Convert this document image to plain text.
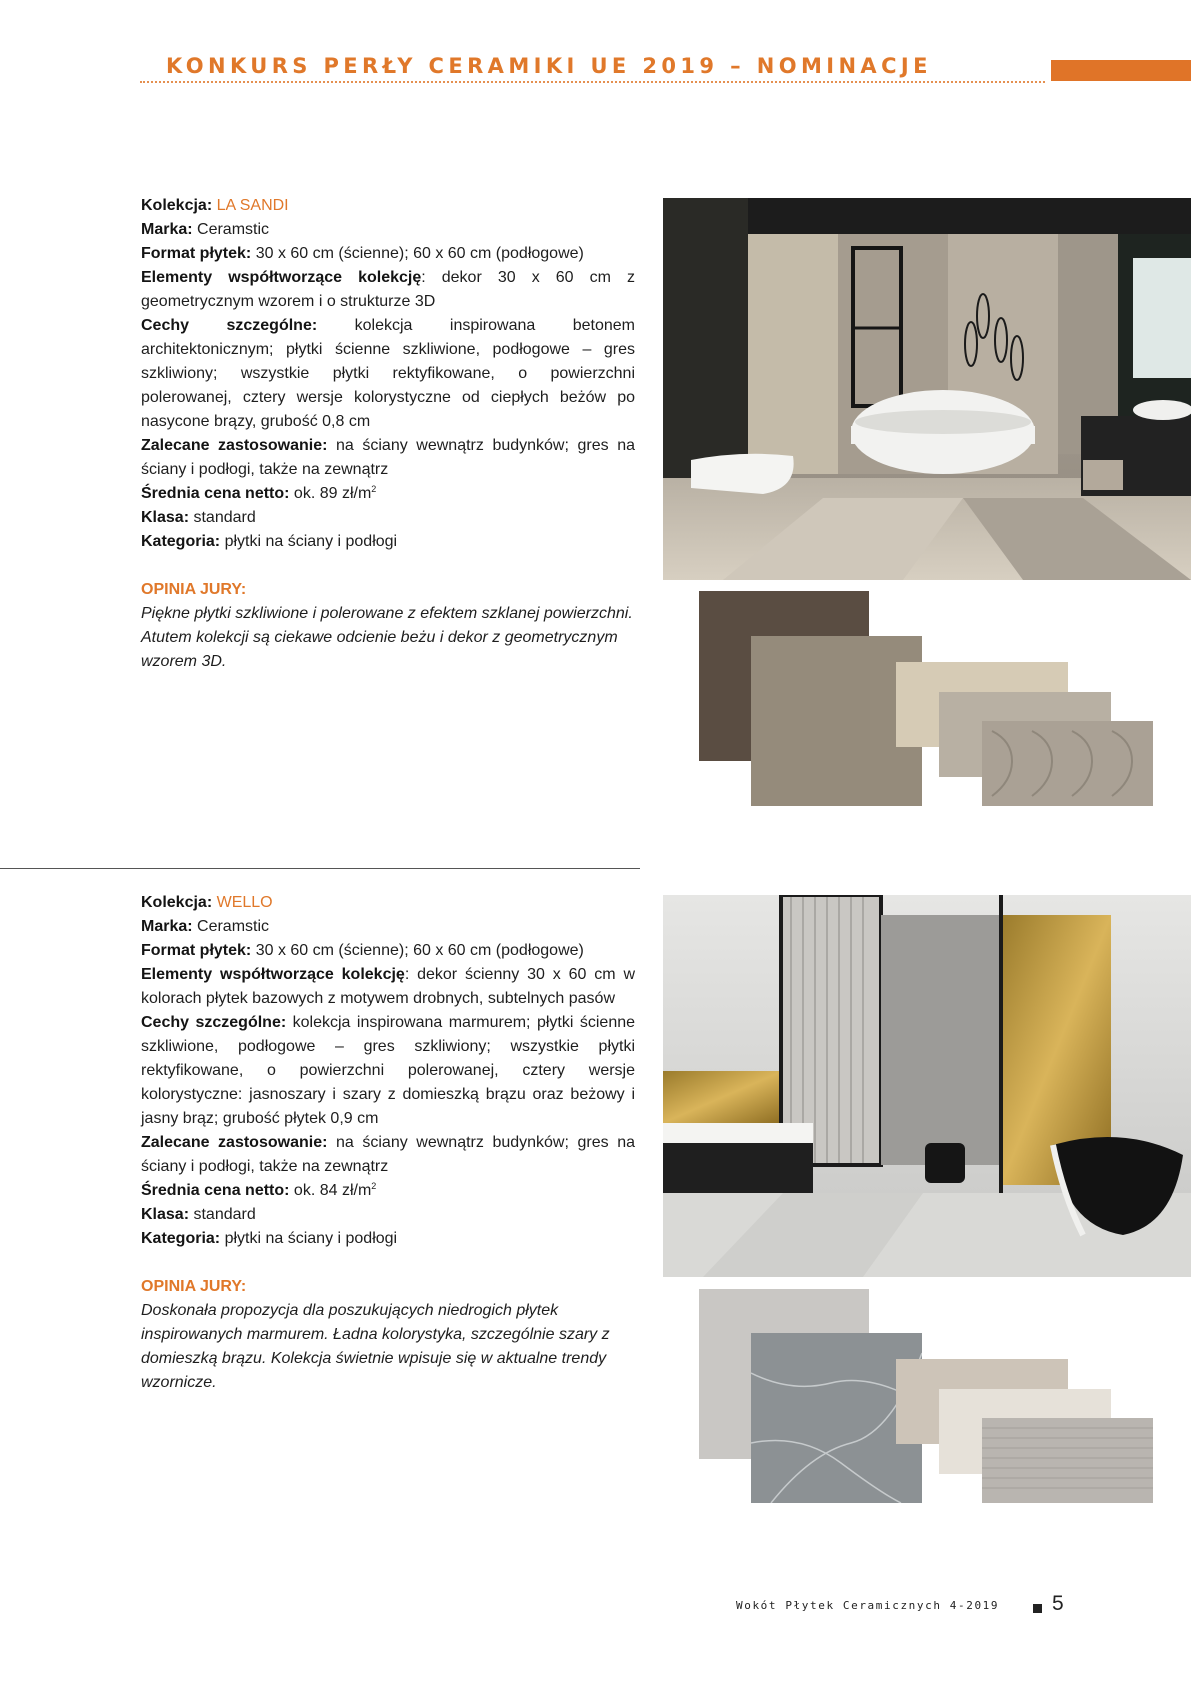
KONKURS PERŁY CERAMIKI UE 2019 – NOMINACJE

Kolekcja: LA SANDI

Marka: Ceramstic

Format płytek: 30 x 60 cm (ścienne); 60 x 60 cm (podłogowe)

Elementy współtworzące kolekcję: dekor 30 x 60 cm z geometrycznym wzorem i o strukturze 3D

Cechy szczególne: kolekcja inspirowana betonem architektonicznym; płytki ścienne szkliwione, podłogowe – gres szkliwiony; wszystkie płytki rektyfikowane, o powierzchni polerowanej, cztery wersje kolorystyczne od ciepłych beżów po nasycone brązy, grubość 0,8 cm

Zalecane zastosowanie: na ściany wewnątrz budynków; gres na ściany i podłogi, także na zewnątrz

Średnia cena netto: ok. 89 $zł/m^2$

Klasa: standard

Kategoria: płytki na ściany i podłogi

OPINIA JURY:

Piękne płytki szkliwione i polerowane z efektem szklanej powierzchni. Atutem kolekcji są ciekawe odcienie beżu i dekor z geometrycznym wzorem 3D.

Kolekcja: WELLO

Marka: Ceramstic

Format płytek: 30 x 60 cm (ścienne); 60 x 60 cm (podłogowe)

Elementy współtworzące kolekcję: dekor ścienny 30 x 60 cm w kolorach płytek bazowych z motywem drobnych, subtelnych pasów

Cechy szczególne: kolekcja inspirowana marmurem; płytki ścienne szkliwione, podłogowe – gres szkliwiony; wszystkie płytki rektyfikowane, o powierzchni polerowanej, cztery wersje kolorystyczne: jasnoszary i szary z domieszką brązu oraz beżowy i jasny brąz; grubość płytek 0,9 cm

Zalecane zastosowanie: na ściany wewnątrz budynków; gres na ściany i podłogi, także na zewnątrz

Średnia cena netto: ok. 84 $zł/m^2$

Klasa: standard

Kategoria: płytki na ściany i podłogi

OPINIA JURY:

Doskonała propozycja dla poszukujących niedrogich płytek inspirowanych marmurem. Ładna kolorystyka, szczególnie szary z domieszką brązu. Kolekcja świetnie wpisuje się w aktualne trendy wzornicze.

Wokót Płytek Ceramicznych 4-2019	5
